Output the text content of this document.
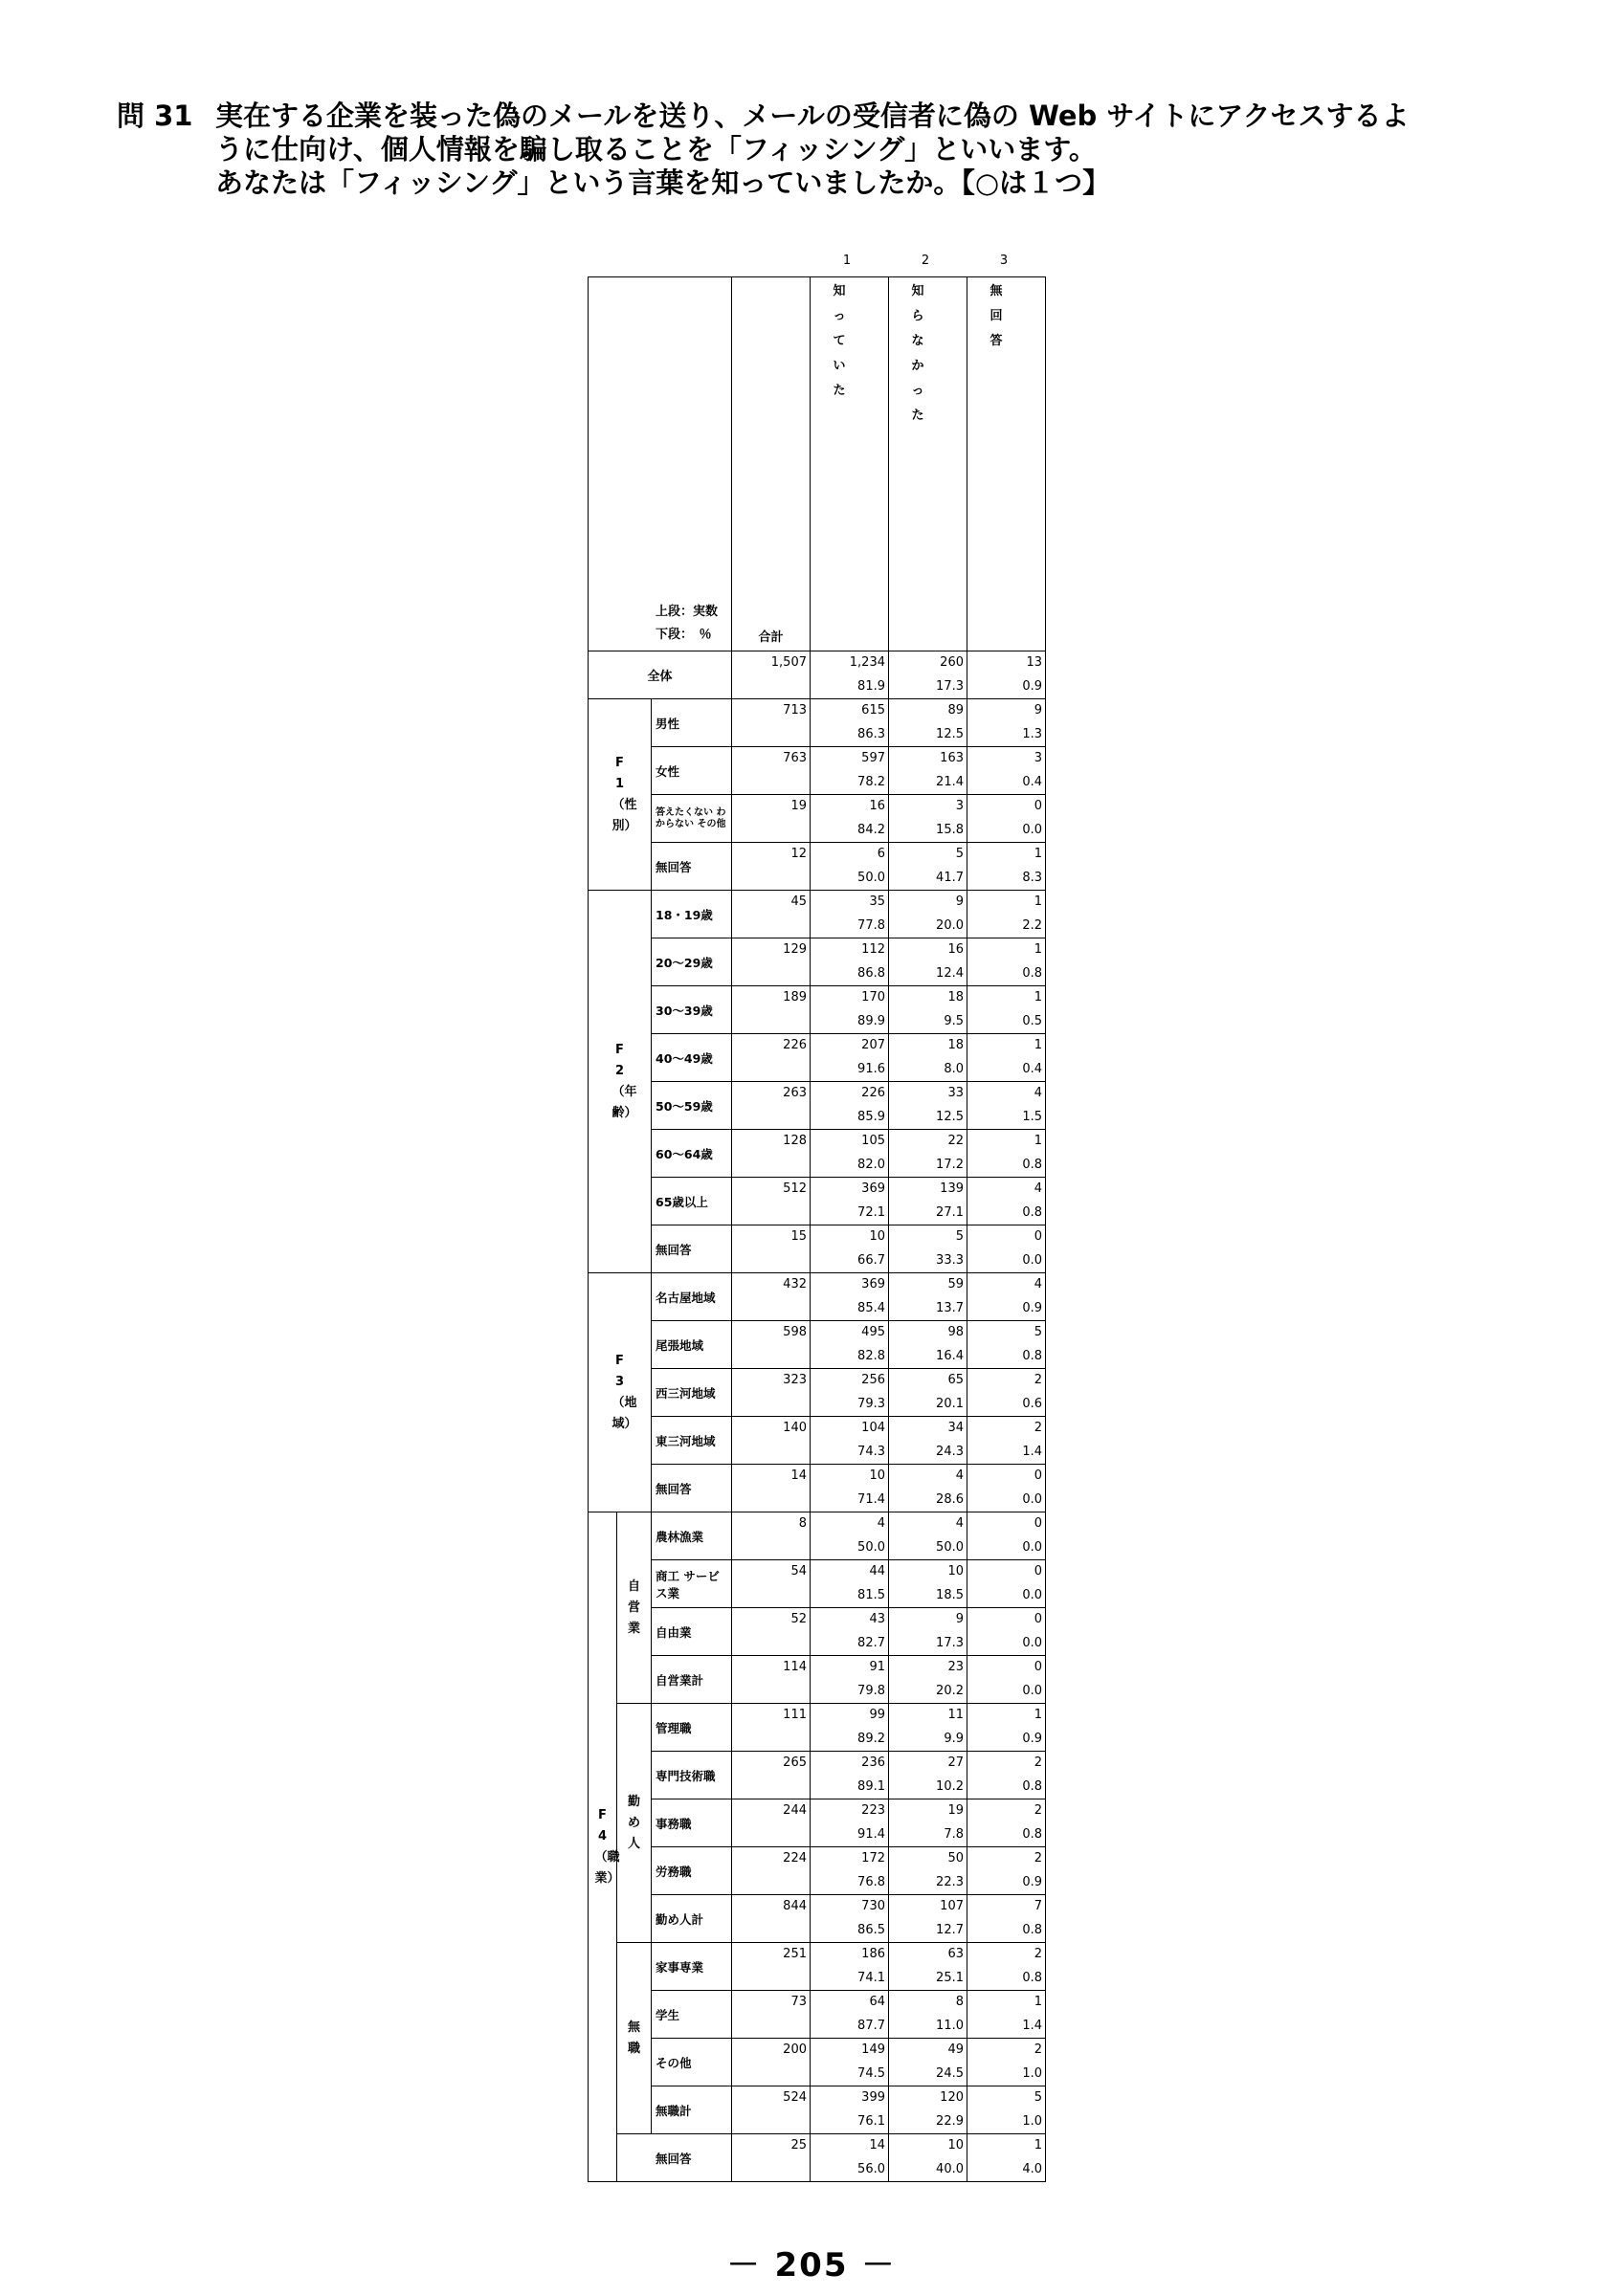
問 31 実在する企業を装った偽のメールを送り、メールの受信者に偽の Web サイトにアクセスするよ
うに仕向け、個人情報を騙し取ることを「フィッシング」といいます。
あなたは「フィッシング」という言葉を知っていましたか。【○は１つ】
1	2	3
上段：実数
下段：　％			合計	知っていた	知らなかった	無回答

全体			1,507	1,234	260	13
				81.9	17.3	0.9
F1（性別）		男性	713	615	89	9
				86.3	12.5	1.3
		女性	763	597	163	3
				78.2	21.4	0.4
		答えたくない わからない その他	19	16	3	0
				84.2	15.8	0.0
		無回答	12	6	5	1
				50.0	41.7	8.3
F2（年齢）		18・19歳	45	35	9	1
				77.8	20.0	2.2
		20～29歳	129	112	16	1
				86.8	12.4	0.8
		30～39歳	189	170	18	1
				89.9	9.5	0.5
		40～49歳	226	207	18	1
				91.6	8.0	0.4
		50～59歳	263	226	33	4
				85.9	12.5	1.5
		60～64歳	128	105	22	1
				82.0	17.2	0.8
		65歳以上	512	369	139	4
				72.1	27.1	0.8
		無回答	15	10	5	0
				66.7	33.3	0.0
F3（地域）		名古屋地域	432	369	59	4
				85.4	13.7	0.9
		尾張地域	598	495	98	5
				82.8	16.4	0.8
		西三河地域	323	256	65	2
				79.3	20.1	0.6
		東三河地域	140	104	34	2
				74.3	24.3	1.4
		無回答	14	10	4	0
				71.4	28.6	0.0
F4（職業）	自営業	農林漁業	8	4	4	0
				50.0	50.0	0.0
		商工 サービス業	54	44	10	0
				81.5	18.5	0.0
		自由業	52	43	9	0
				82.7	17.3	0.0
		自営業計	114	91	23	0
				79.8	20.2	0.0
	勤め人	管理職	111	99	11	1
				89.2	9.9	0.9
		専門技術職	265	236	27	2
				89.1	10.2	0.8
		事務職	244	223	19	2
				91.4	7.8	0.8
		労務職	224	172	50	2
				76.8	22.3	0.9
		勤め人計	844	730	107	7
				86.5	12.7	0.8
	無職	家事専業	251	186	63	2
				74.1	25.1	0.8
		学生	73	64	8	1
				87.7	11.0	1.4
		その他	200	149	49	2
				74.5	24.5	1.0
		無職計	524	399	120	5
				76.1	22.9	1.0
	無回答		25	14	10	1
				56.0	40.0	4.0
－ 205 －
